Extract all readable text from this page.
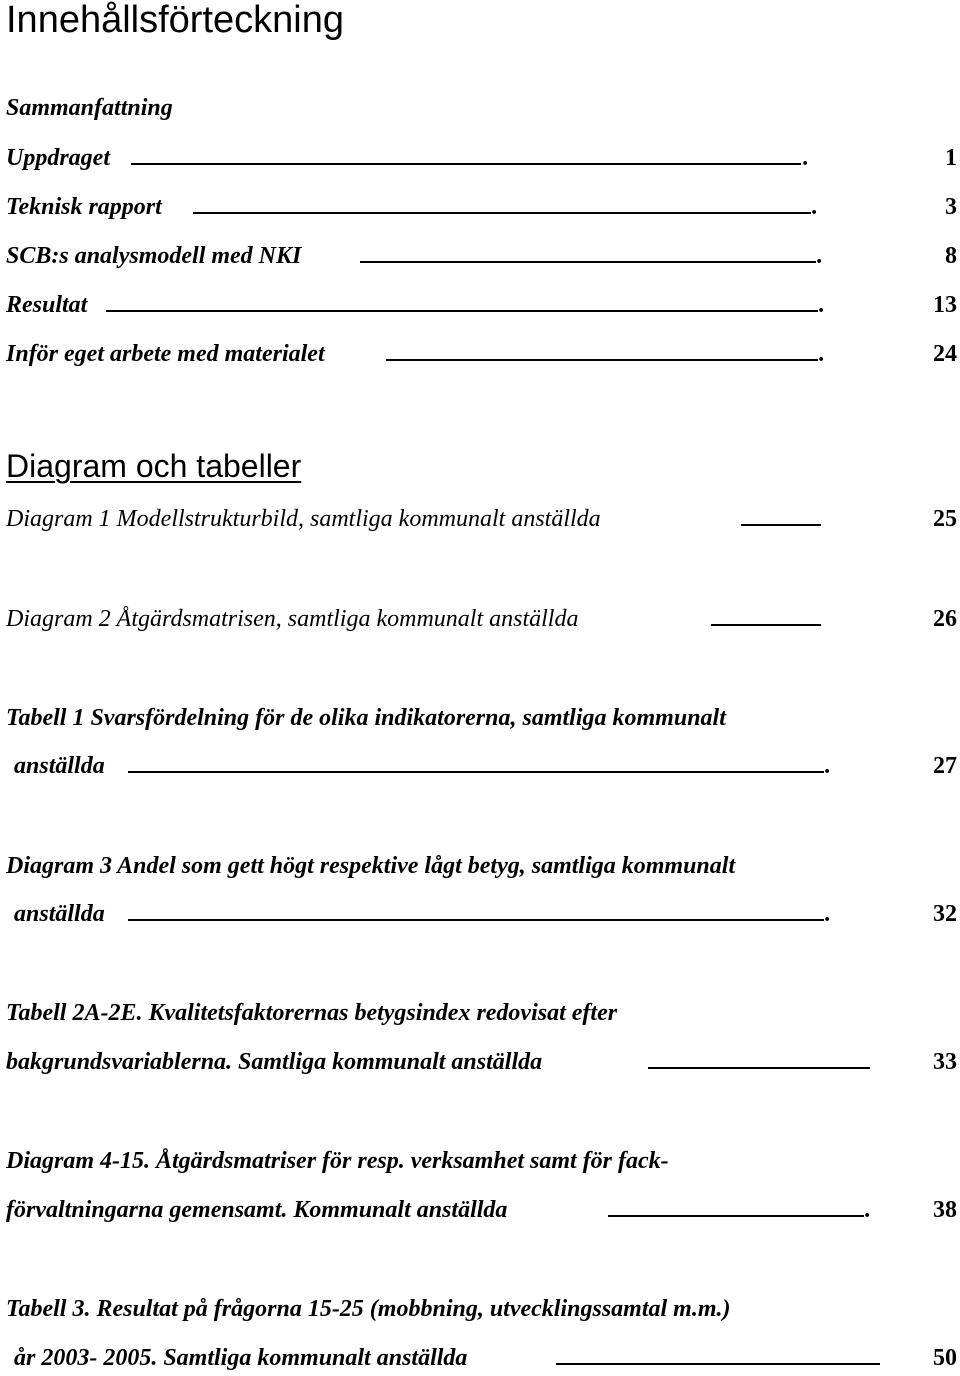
Innehållsförteckning
Sammanfattning
Uppdraget	.	1
Teknisk rapport	.	3
SCB:s analysmodell med NKI	.	8
Resultat	.	13
Inför eget arbete med materialet	.	24
Diagram och tabeller
Diagram 1 Modellstrukturbild, samtliga kommunalt anställda	25
Diagram 2 Åtgärdsmatrisen, samtliga kommunalt anställda	26
Tabell 1 Svarsfördelning för de olika indikatorerna, samtliga kommunalt
anställda	.	27
Diagram 3 Andel som gett högt respektive lågt betyg, samtliga kommunalt
anställda	.	32
Tabell 2A-2E. Kvalitetsfaktorernas betygsindex redovisat efter
bakgrundsvariablerna. Samtliga kommunalt anställda	33
Diagram 4-15. Åtgärdsmatriser för resp. verksamhet samt för fack-
förvaltningarna gemensamt. Kommunalt anställda	.	38
Tabell 3. Resultat på frågorna 15-25 (mobbning, utvecklingssamtal m.m.)
år 2003- 2005. Samtliga kommunalt anställda	50
